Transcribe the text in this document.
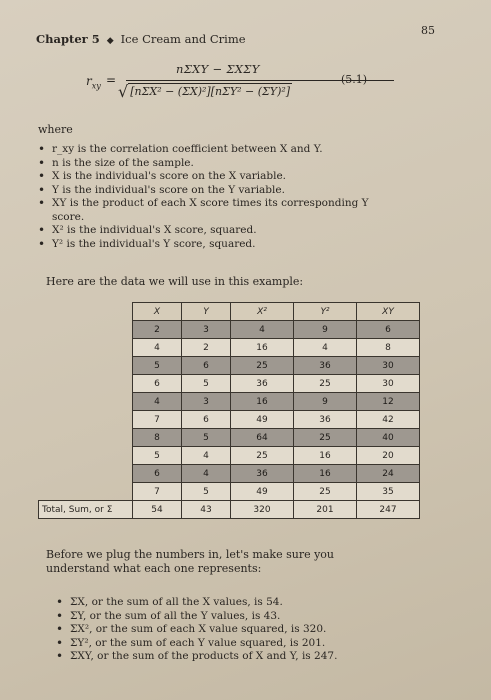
Chapter 5 ◆ Ice Cream and Crime
85
$r_{xy}$ =
nΣXY − ΣXΣY
√ [nΣX² − (ΣX)²][nΣY² − (ΣY)²]
(5.1)
where
• r_xy is the correlation coefficient between X and Y.
• n is the size of the sample.
• X is the individual's score on the X variable.
• Y is the individual's score on the Y variable.
• XY is the product of each X score times its corresponding Y score.
• X² is the individual's X score, squared.
• Y² is the individual's Y score, squared.
Here are the data we will use in this example:
	X	Y	X²	Y²	XY
	2	3	4	9	6
	4	2	16	4	8
	5	6	25	36	30
	6	5	36	25	30
	4	3	16	9	12
	7	6	49	36	42
	8	5	64	25	40
	5	4	25	16	20
	6	4	36	16	24
	7	5	49	25	35
Total, Sum, or Σ	54	43	320	201	247
Before we plug the numbers in, let's make sure you understand what each one represents:
• ΣX, or the sum of all the X values, is 54.
• ΣY, or the sum of all the Y values, is 43.
• ΣX², or the sum of each X value squared, is 320.
• ΣY², or the sum of each Y value squared, is 201.
• ΣXY, or the sum of the products of X and Y, is 247.
